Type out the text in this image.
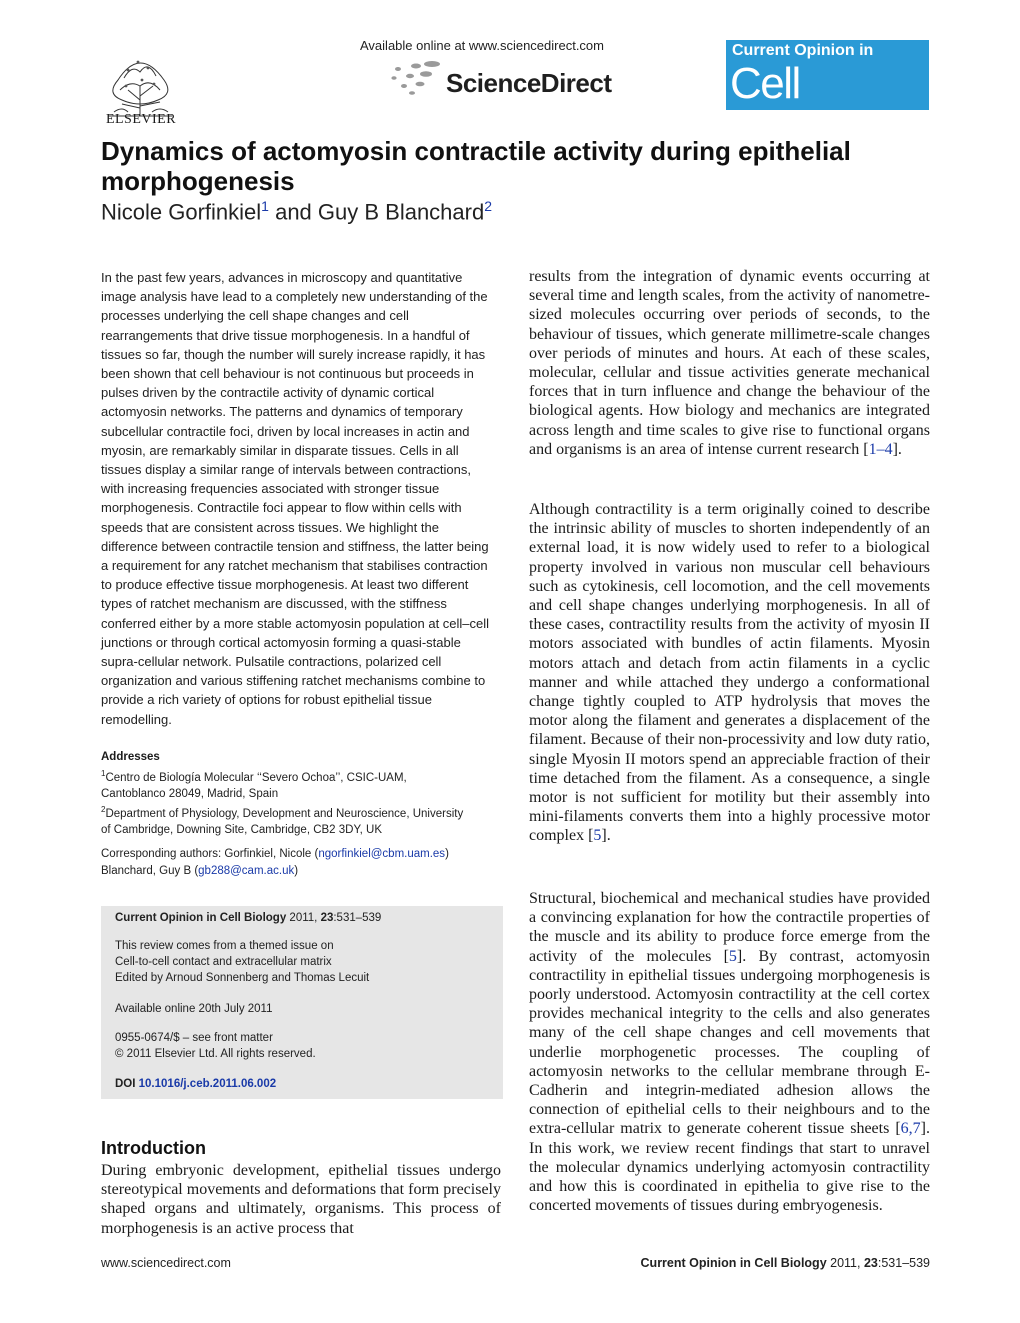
ELSEVIER
Available online at www.sciencedirect.com
ScienceDirect
Current Opinion in
Cell
Dynamics of actomyosin contractile activity during epithelial morphogenesis
Nicole Gorfinkiel$^1$ and Guy B Blanchard$^2$
In the past few years, advances in microscopy and quantitative image analysis have lead to a completely new understanding of the processes underlying the cell shape changes and cell rearrangements that drive tissue morphogenesis. In a handful of tissues so far, though the number will surely increase rapidly, it has been shown that cell behaviour is not continuous but proceeds in pulses driven by the contractile activity of dynamic cortical actomyosin networks. The patterns and dynamics of temporary subcellular contractile foci, driven by local increases in actin and myosin, are remarkably similar in disparate tissues. Cells in all tissues display a similar range of intervals between contractions, with increasing frequencies associated with stronger tissue morphogenesis. Contractile foci appear to flow within cells with speeds that are consistent across tissues. We highlight the difference between contractile tension and stiffness, the latter being a requirement for any ratchet mechanism that stabilises contraction to produce effective tissue morphogenesis. At least two different types of ratchet mechanism are discussed, with the stiffness conferred either by a more stable actomyosin population at cell–cell junctions or through cortical actomyosin forming a quasi-stable supra-cellular network. Pulsatile contractions, polarized cell organization and various stiffening ratchet mechanisms combine to provide a rich variety of options for robust epithelial tissue remodelling.
Addresses
$^1$Centro de Biología Molecular ‘‘Severo Ochoa’’, CSIC-UAM,
Cantoblanco 28049, Madrid, Spain
$^2$Department of Physiology, Development and Neuroscience, University
of Cambridge, Downing Site, Cambridge, CB2 3DY, UK
Corresponding authors: Gorfinkiel, Nicole (ngorfinkiel@cbm.uam.es)
Blanchard, Guy B (gb288@cam.ac.uk)
Current Opinion in Cell Biology 2011, 23:531–539
This review comes from a themed issue on
Cell-to-cell contact and extracellular matrix
Edited by Arnoud Sonnenberg and Thomas Lecuit
Available online 20th July 2011
0955-0674/$ – see front matter
© 2011 Elsevier Ltd. All rights reserved.
DOI 10.1016/j.ceb.2011.06.002
Introduction
During embryonic development, epithelial tissues undergo stereotypical movements and deformations that form precisely shaped organs and ultimately, organisms. This process of morphogenesis is an active process that
results from the integration of dynamic events occurring at several time and length scales, from the activity of nanometre-sized molecules occurring over periods of seconds, to the behaviour of tissues, which generate millimetre-scale changes over periods of minutes and hours. At each of these scales, molecular, cellular and tissue activities generate mechanical forces that in turn influence and change the behaviour of the biological agents. How biology and mechanics are integrated across length and time scales to give rise to functional organs and organisms is an area of intense current research [1–4].
Although contractility is a term originally coined to describe the intrinsic ability of muscles to shorten independently of an external load, it is now widely used to refer to a biological property involved in various non muscular cell behaviours such as cytokinesis, cell locomotion, and the cell movements and cell shape changes underlying morphogenesis. In all of these cases, contractility results from the activity of myosin II motors associated with bundles of actin filaments. Myosin motors attach and detach from actin filaments in a cyclic manner and while attached they undergo a conformational change tightly coupled to ATP hydrolysis that moves the motor along the filament and generates a displacement of the filament. Because of their non-processivity and low duty ratio, single Myosin II motors spend an appreciable fraction of their time detached from the filament. As a consequence, a single motor is not sufficient for motility but their assembly into mini-filaments converts them into a highly processive motor complex [5].
Structural, biochemical and mechanical studies have provided a convincing explanation for how the contractile properties of the muscle and its ability to produce force emerge from the activity of the molecules [5]. By contrast, actomyosin contractility in epithelial tissues undergoing morphogenesis is poorly understood. Actomyosin contractility at the cell cortex provides mechanical integrity to the cells and also generates many of the cell shape changes and cell movements that underlie morphogenetic processes. The coupling of actomyosin networks to the cellular membrane through E-Cadherin and integrin-mediated adhesion allows the connection of epithelial cells to their neighbours and to the extra-cellular matrix to generate coherent tissue sheets [6,7]. In this work, we review recent findings that start to unravel the molecular dynamics underlying actomyosin contractility and how this is coordinated in epithelia to give rise to the concerted movements of tissues during embryogenesis.
www.sciencedirect.com	Current Opinion in Cell Biology 2011, 23:531–539
